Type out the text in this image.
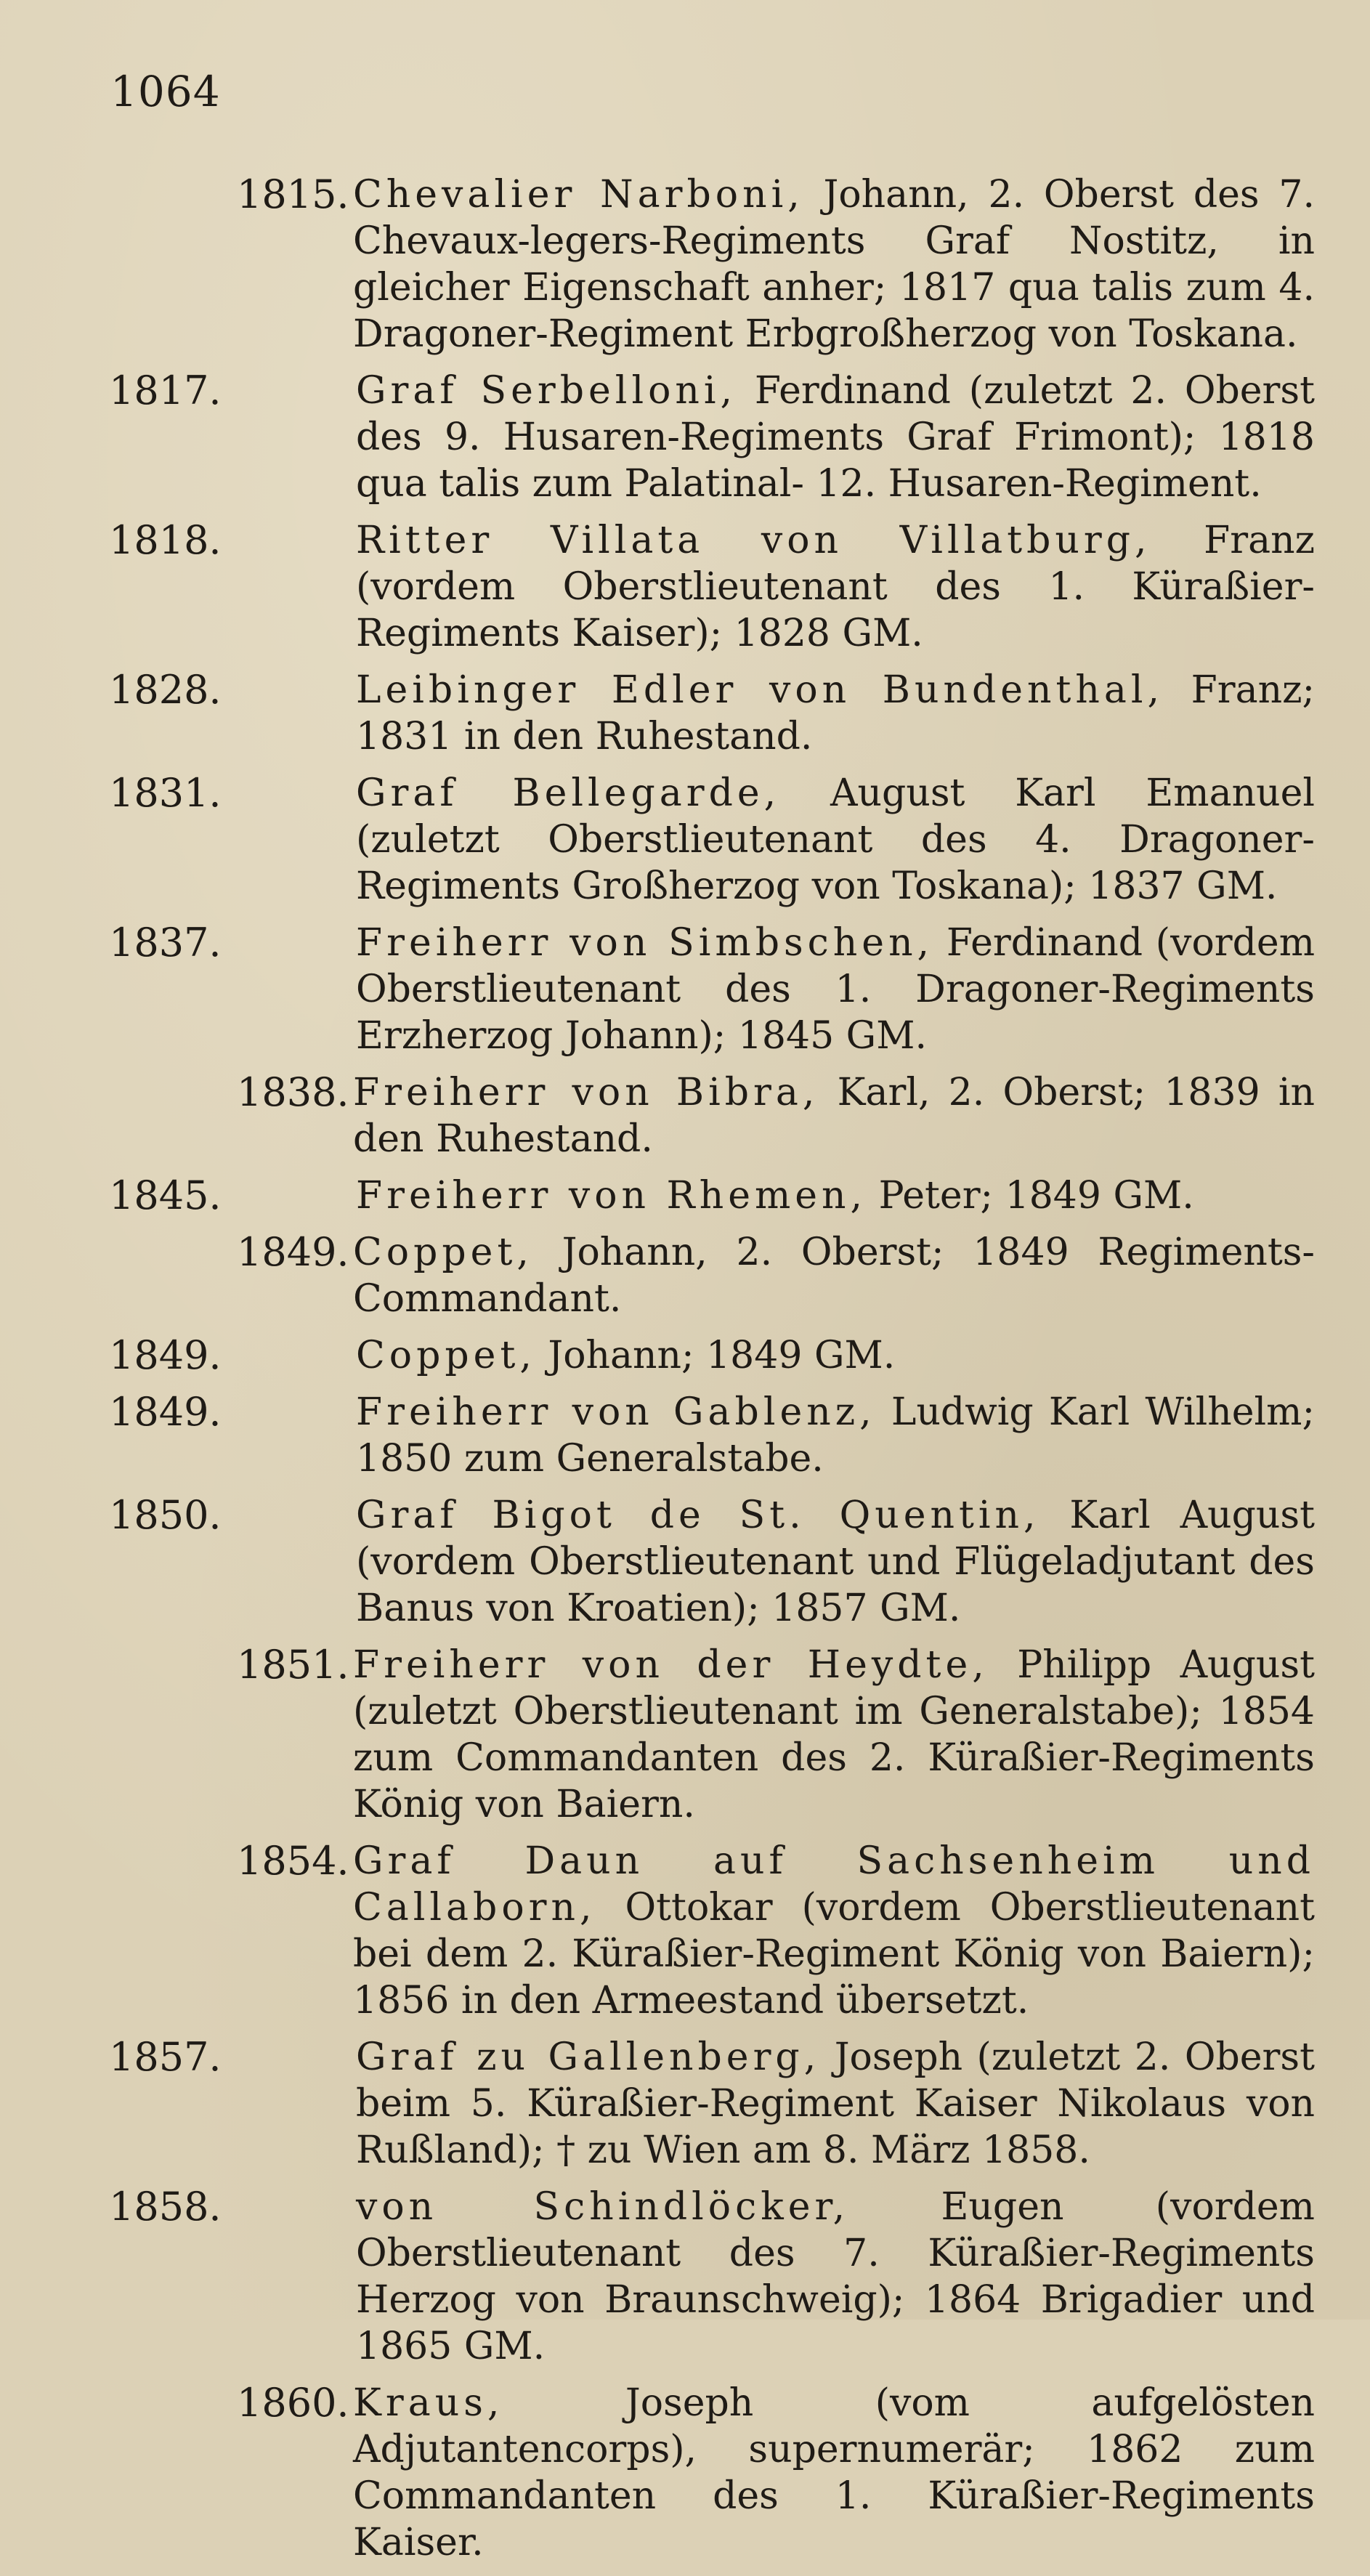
1064
1815. Chevalier Narboni, Johann, 2. Oberst des 7. Chevaux-legers-Regiments Graf Nostitz, in gleicher Eigenschaft anher; 1817 qua talis zum 4. Dragoner-Regiment Erbgroßherzog von Toskana.
1817.	Graf Serbelloni, Ferdinand (zuletzt 2. Oberst des 9. Husaren-Regiments Graf Frimont); 1818 qua talis zum Palatinal- 12. Husaren-Regiment.
1818.	Ritter Villata von Villatburg, Franz (vordem Oberstlieutenant des 1. Küraßier-Regiments Kaiser); 1828 GM.
1828.	Leibinger Edler von Bundenthal, Franz; 1831 in den Ruhestand.
1831.	Graf Bellegarde, August Karl Emanuel (zuletzt Oberstlieutenant des 4. Dragoner-Regiments Großherzog von Toskana); 1837 GM.
1837.	Freiherr von Simbschen, Ferdinand (vordem Oberstlieutenant des 1. Dragoner-Regiments Erzherzog Johann); 1845 GM.
1838. Freiherr von Bibra, Karl, 2. Oberst; 1839 in den Ruhestand.
1845.	Freiherr von Rhemen, Peter; 1849 GM.
1849. Coppet, Johann, 2. Oberst; 1849 Regiments-Commandant.
1849.	Coppet, Johann; 1849 GM.
1849.	Freiherr von Gablenz, Ludwig Karl Wilhelm; 1850 zum Generalstabe.
1850.	Graf Bigot de St. Quentin, Karl August (vordem Oberstlieutenant und Flügeladjutant des Banus von Kroatien); 1857 GM.
1851. Freiherr von der Heydte, Philipp August (zuletzt Oberstlieutenant im Generalstabe); 1854 zum Commandanten des 2. Küraßier-Regiments König von Baiern.
1854. Graf Daun auf Sachsenheim und Callaborn, Ottokar (vordem Oberstlieutenant bei dem 2. Küraßier-Regiment König von Baiern); 1856 in den Armeestand übersetzt.
1857.	Graf zu Gallenberg, Joseph (zuletzt 2. Oberst beim 5. Küraßier-Regiment Kaiser Nikolaus von Rußland); † zu Wien am 8. März 1858.
1858.	von Schindlöcker, Eugen (vordem Oberstlieutenant des 7. Küraßier-Regiments Herzog von Braunschweig); 1864 Brigadier und 1865 GM.
1860. Kraus, Joseph (vom aufgelösten Adjutantencorps), supernumerär; 1862 zum Commandanten des 1. Küraßier-Regiments Kaiser.
